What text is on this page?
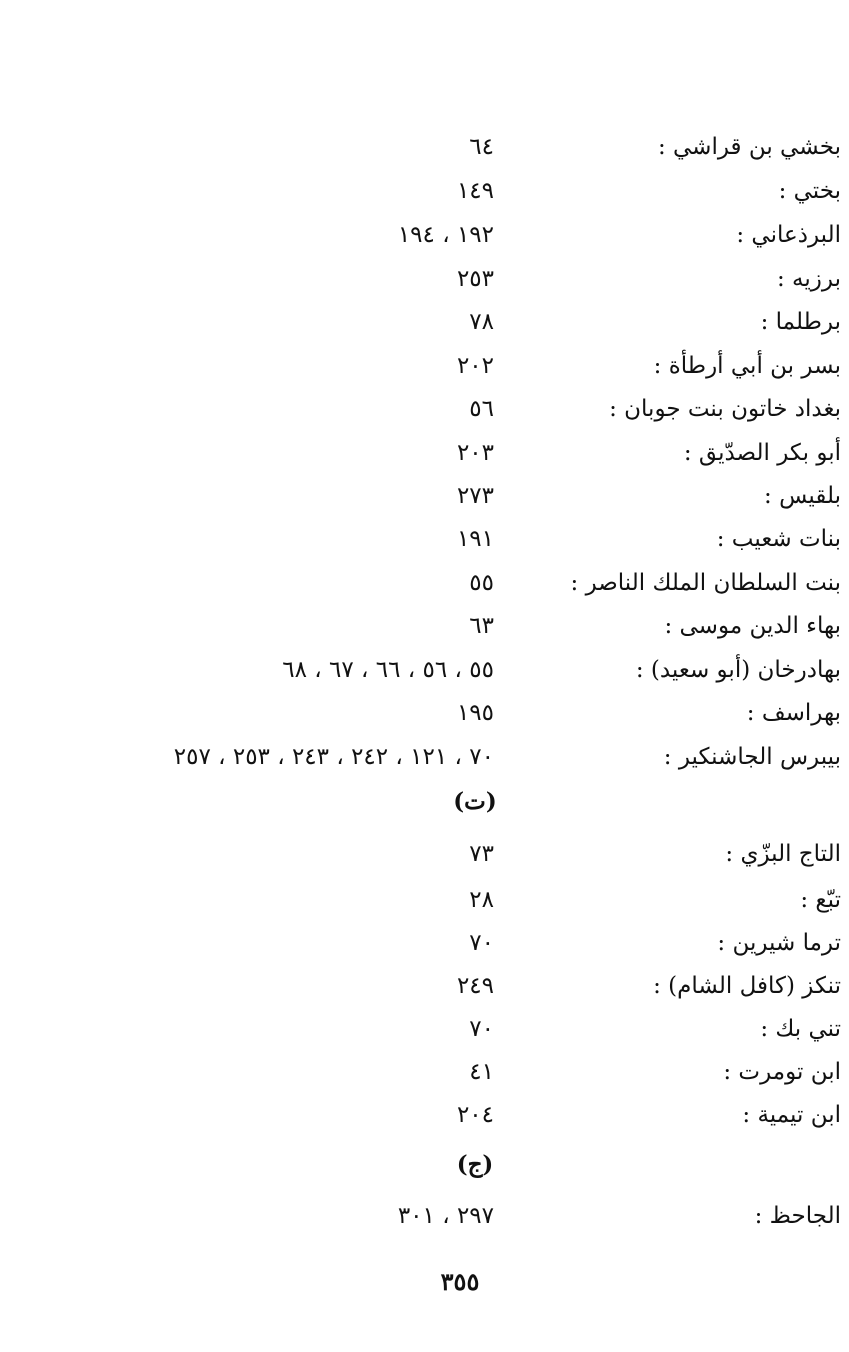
بخشي بن قراشي :
٦٤
بختي :
١٤٩
البرذعاني :
١٩٢ ، ١٩٤
برزيه :
٢٥٣
برطلما :
٧٨
بسر بن أبي أرطأة :
٢٠٢
بغداد خاتون بنت جوبان :
٥٦
أبو بكر الصدّيق :
٢٠٣
بلقيس :
٢٧٣
بنات شعيب :
١٩١
بنت السلطان الملك الناصر :
٥٥
بهاء الدين موسى :
٦٣
بهادرخان (أبو سعيد) :
٥٥ ، ٥٦ ، ٦٦ ، ٦٧ ، ٦٨
بهراسف :
١٩٥
بيبرس الجاشنكير :
٧٠ ، ١٢١ ، ٢٤٢ ، ٢٤٣ ، ٢٥٣ ، ٢٥٧
(ت)
التاج البزّي :
٧٣
تبّع :
٢٨
ترما شيرين :
٧٠
تنكز (كافل الشام) :
٢٤٩
تني بك :
٧٠
ابن تومرت :
٤١
ابن تيمية :
٢٠٤
(ج)
الجاحظ :
٢٩٧ ، ٣٠١
٣٥٥
